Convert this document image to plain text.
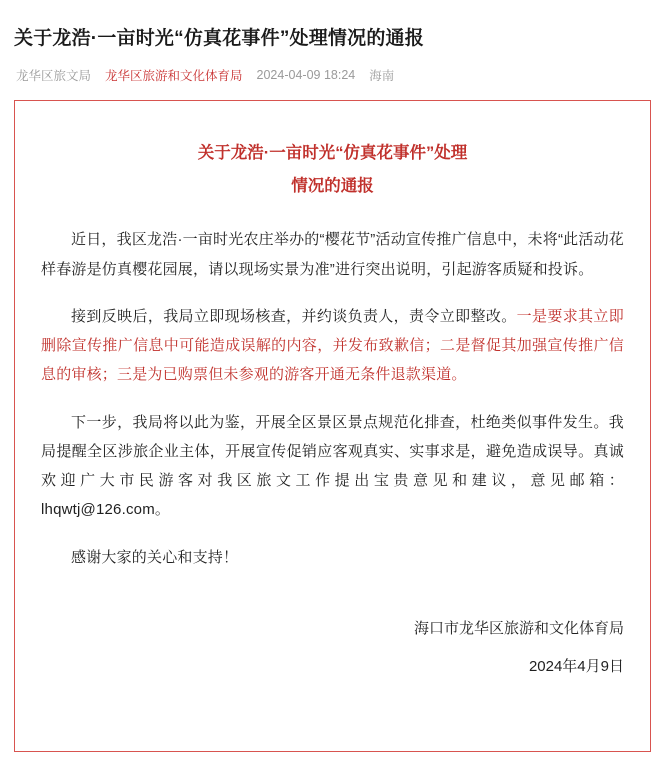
关于龙浩·一亩时光“仿真花事件”处理情况的通报
龙华区旅文局 龙华区旅游和文化体育局 2024-04-09 18:24 海南
关于龙浩·一亩时光“仿真花事件”处理
情况的通报

近日，我区龙浩·一亩时光农庄举办的“樱花节”活动宣传推广信息中，未将“此活动花样春游是仿真樱花园展，请以现场实景为准”进行突出说明，引起游客质疑和投诉。

接到反映后，我局立即现场核查，并约谈负责人，责令立即整改。一是要求其立即删除宣传推广信息中可能造成误解的内容，并发布致歉信；二是督促其加强宣传推广信息的审核；三是为已购票但未参观的游客开通无条件退款渠道。

下一步，我局将以此为鉴，开展全区景区景点规范化排查，杜绝类似事件发生。我局提醒全区涉旅企业主体，开展宣传促销应客观真实、实事求是，避免造成误导。真诚欢迎广大市民游客对我区旅文工作提出宝贵意见和建议，意见邮箱：lhqwtj@126.com。

感谢大家的关心和支持！

海口市龙华区旅游和文化体育局
2024年4月9日
